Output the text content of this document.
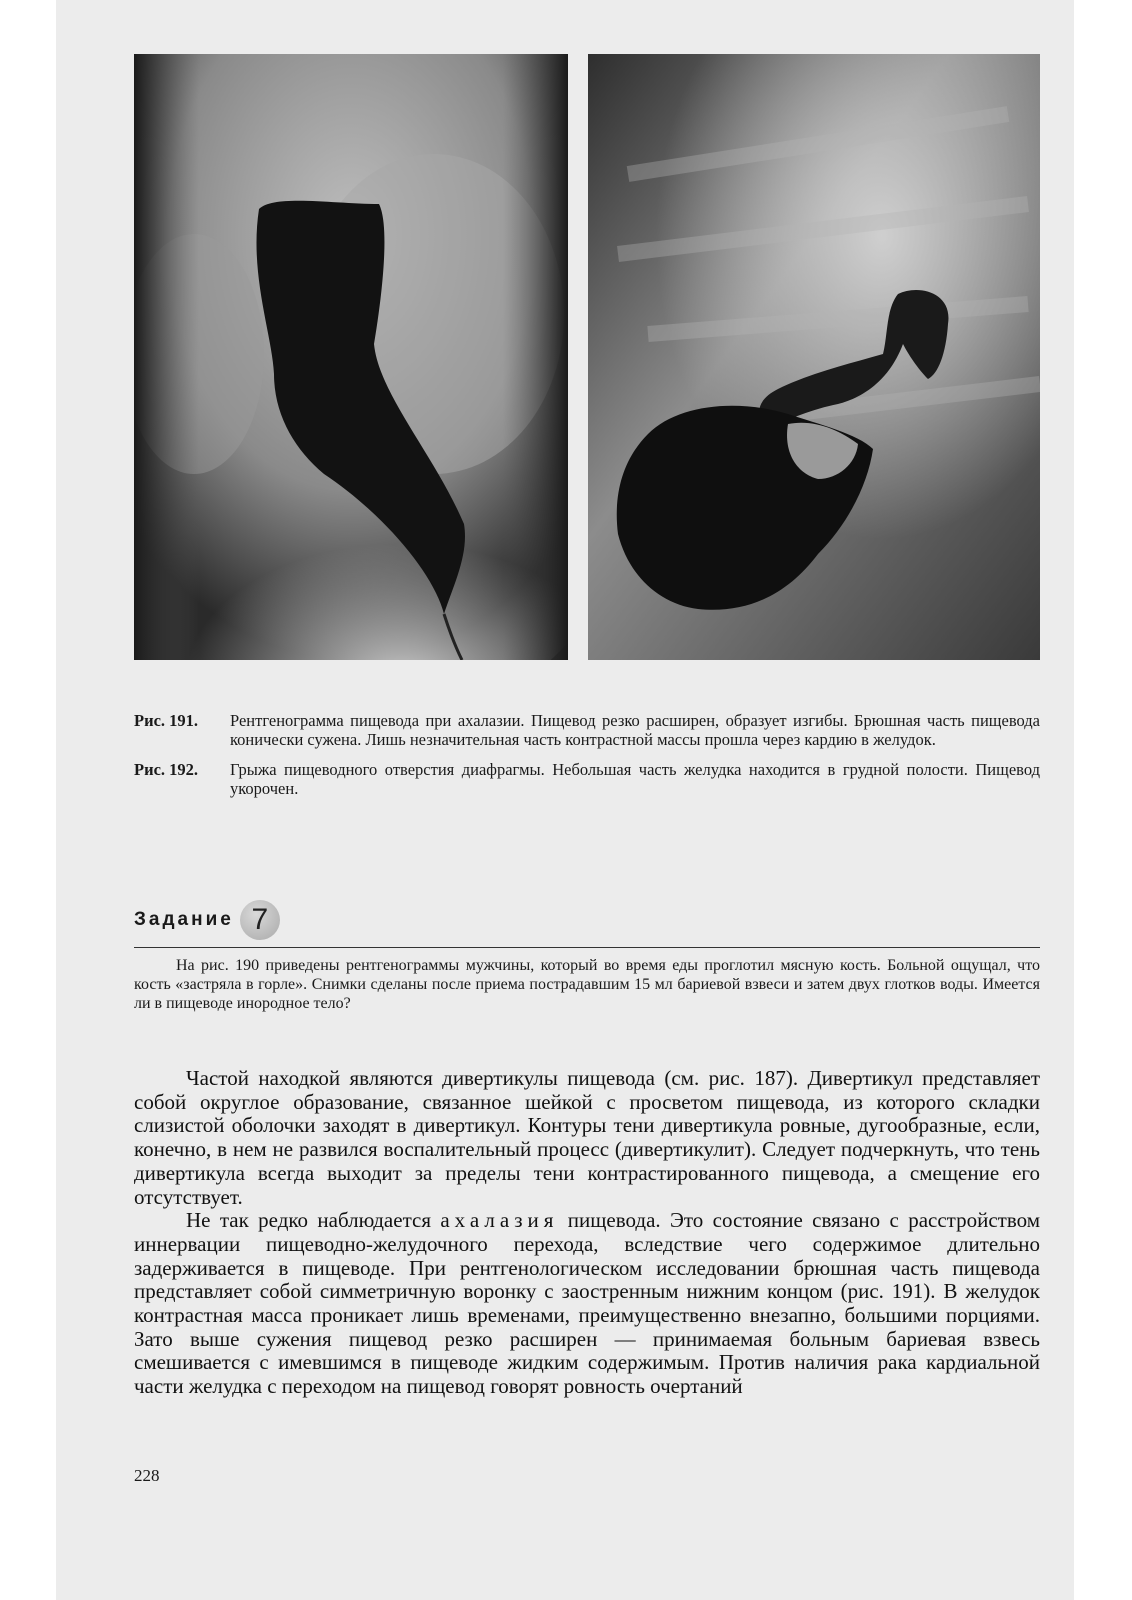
Рис. 191.	Рентгенограмма пищевода при ахалазии. Пищевод резко расширен, образует изгибы. Брюшная часть пищевода конически сужена. Лишь незначительная часть контрастной массы прошла через кардию в желудок.
Рис. 192.	Грыжа пищеводного отверстия диафрагмы. Небольшая часть желудка находится в грудной полости. Пищевод укорочен.
Задание 7
На рис. 190 приведены рентгенограммы мужчины, который во время еды проглотил мясную кость. Больной ощущал, что кость «застряла в горле». Снимки сделаны после приема пострадавшим 15 мл бариевой взвеси и затем двух глотков воды. Имеется ли в пищеводе инородное тело?

Частой находкой являются дивертикулы пищевода (см. рис. 187). Дивертикул представляет собой округлое образование, связанное шейкой с просветом пищевода, из которого складки слизистой оболочки заходят в дивертикул. Контуры тени дивертикула ровные, дугообразные, если, конечно, в нем не развился воспалительный процесс (дивертикулит). Следует подчеркнуть, что тень дивертикула всегда выходит за пределы тени контрастированного пищевода, а смещение его отсутствует.

Не так редко наблюдается ахалазия пищевода. Это состояние связано с расстройством иннервации пищеводно-желудочного перехода, вследствие чего содержимое длительно задерживается в пищеводе. При рентгенологическом исследовании брюшная часть пищевода представляет собой симметричную воронку с заостренным нижним концом (рис. 191). В желудок контрастная масса проникает лишь временами, преимущественно внезапно, большими порциями. Зато выше сужения пищевод резко расширен — принимаемая больным бариевая взвесь смешивается с имевшимся в пищеводе жидким содержимым. Против наличия рака кардиальной части желудка с переходом на пищевод говорят ровность очертаний

228
